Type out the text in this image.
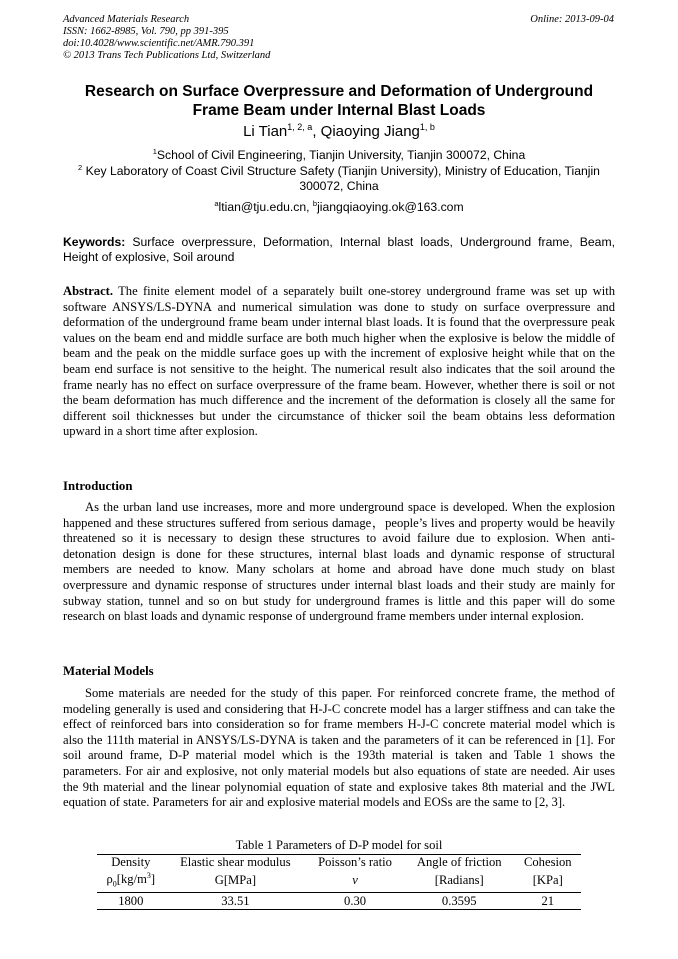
Advanced Materials Research
ISSN: 1662-8985, Vol. 790, pp 391-395
doi:10.4028/www.scientific.net/AMR.790.391
© 2013 Trans Tech Publications Ltd, Switzerland
Online: 2013-09-04
Research on Surface Overpressure and Deformation of Underground
Frame Beam under Internal Blast Loads
Li Tian$^{1, 2, a}$, Qiaoying Jiang$^{1, b}$
$^1$School of Civil Engineering, Tianjin University, Tianjin 300072, China
$^2$ Key Laboratory of Coast Civil Structure Safety (Tianjin University), Ministry of Education, Tianjin
300072, China
$^a$ltian@tju.edu.cn, $^b$jiangqiaoying.ok@163.com
Keywords: Surface overpressure, Deformation, Internal blast loads, Underground frame, Beam, Height of explosive, Soil around
Abstract. The finite element model of a separately built one-storey underground frame was set up with software ANSYS/LS-DYNA and numerical simulation was done to study on surface overpressure and deformation of the underground frame beam under internal blast loads. It is found that the overpressure peak values on the beam end and middle surface are both much higher when the explosive is below the middle of beam and the peak on the middle surface goes up with the increment of explosive height while that on the beam end surface is not sensitive to the height. The numerical result also indicates that the soil around the frame nearly has no effect on surface overpressure of the frame beam. However, whether there is soil or not the beam deformation has much difference and the increment of the deformation is closely all the same for different soil thicknesses but under the circumstance of thicker soil the beam obtains less deformation upward in a short time after explosion.
Introduction
As the urban land use increases, more and more underground space is developed. When the explosion happened and these structures suffered from serious damage，people’s lives and property would be heavily threatened so it is necessary to design these structures to avoid failure due to explosion. When anti-detonation design is done for these structures, internal blast loads and dynamic response of structural members are needed to know. Many scholars at home and abroad have done much study on blast overpressure and dynamic response of structures under internal blast loads and their study are mainly for subway station, tunnel and so on but study for underground frames is little and this paper will do some research on blast loads and dynamic response of underground frame members under internal explosion.
Material Models
Some materials are needed for the study of this paper. For reinforced concrete frame, the method of modeling generally is used and considering that H-J-C concrete model has a larger stiffness and can take the effect of reinforced bars into consideration so for frame members H-J-C concrete material model which is also the 111th material in ANSYS/LS-DYNA is taken and the parameters of it can be referenced in [1]. For soil around frame, D-P material model which is the 193th material is taken and Table 1 shows the parameters. For air and explosive, not only material models but also equations of state are needed. Air uses the 9th material and the linear polynomial equation of state and explosive takes 8th material and the JWL equation of state. Parameters for air and explosive material models and EOSs are the same to [2, 3].
Table 1 Parameters of D-P model for soil
Density	Elastic shear modulus	Poisson’s ratio	Angle of friction	Cohesion
$\rho_0[kg/m^3]$	G[MPa]	v	[Radians]	[KPa]
1800	33.51	0.30	0.3595	21
